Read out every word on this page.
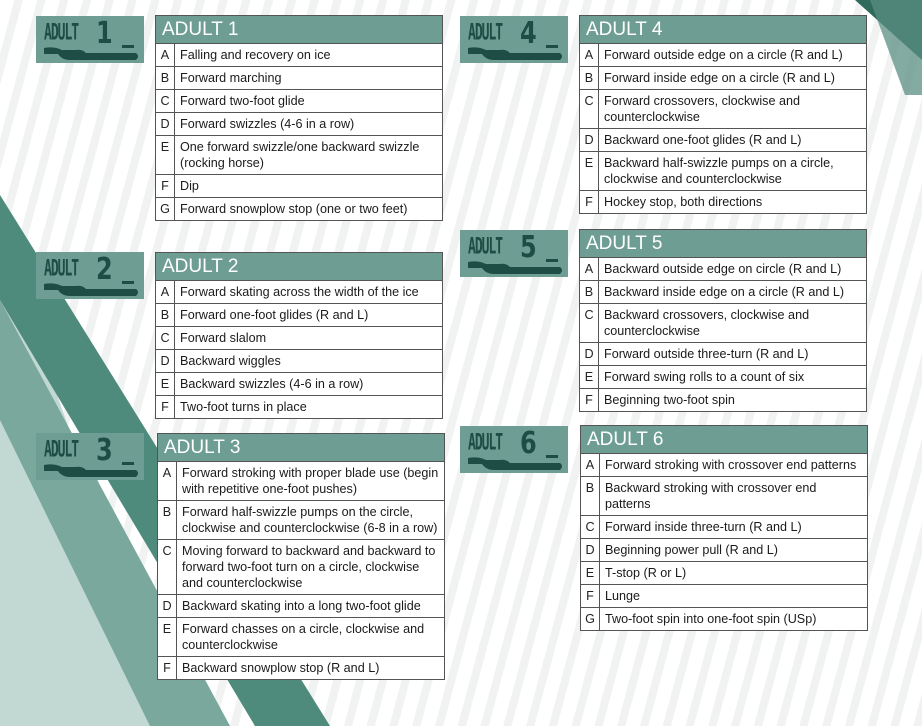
ADULT 1
ADULT 2
ADULT 3
ADULT 4
ADULT 5
ADULT 6
ADULT 1	
A	Falling and recovery on ice
B	Forward marching
C	Forward two-foot glide
D	Forward swizzles (4-6 in a row)
E	One forward swizzle/one backward swizzle (rocking horse)
F	Dip
G	Forward snowplow stop (one or two feet)
ADULT 2	
A	Forward skating across the width of the ice
B	Forward one-foot glides (R and L)
C	Forward slalom
D	Backward wiggles
E	Backward swizzles (4-6 in a row)
F	Two-foot turns in place
ADULT 3	
A	Forward stroking with proper blade use (begin with repetitive one-foot pushes)
B	Forward half-swizzle pumps on the circle, clockwise and counterclockwise (6-8 in a row)
C	Moving forward to backward and backward to forward two-foot turn on a circle, clockwise and counterclockwise
D	Backward skating into a long two-foot glide
E	Forward chasses on a circle, clockwise and counterclockwise
F	Backward snowplow stop (R and L)
ADULT 4	
A	Forward outside edge on a circle (R and L)
B	Forward inside edge on a circle (R and L)
C	Forward crossovers, clockwise and counterclockwise
D	Backward one-foot glides (R and L)
E	Backward half-swizzle pumps on a circle, clockwise and counterclockwise
F	Hockey stop, both directions
ADULT 5	
A	Backward outside edge on circle (R and L)
B	Backward inside edge on a circle (R and L)
C	Backward crossovers, clockwise and counterclockwise
D	Forward outside three-turn (R and L)
E	Forward swing rolls to a count of six
F	Beginning two-foot spin
ADULT 6	
A	Forward stroking with crossover end patterns
B	Backward stroking with crossover end patterns
C	Forward inside three-turn (R and L)
D	Beginning power pull (R and L)
E	T-stop (R or L)
F	Lunge
G	Two-foot spin into one-foot spin (USp)
